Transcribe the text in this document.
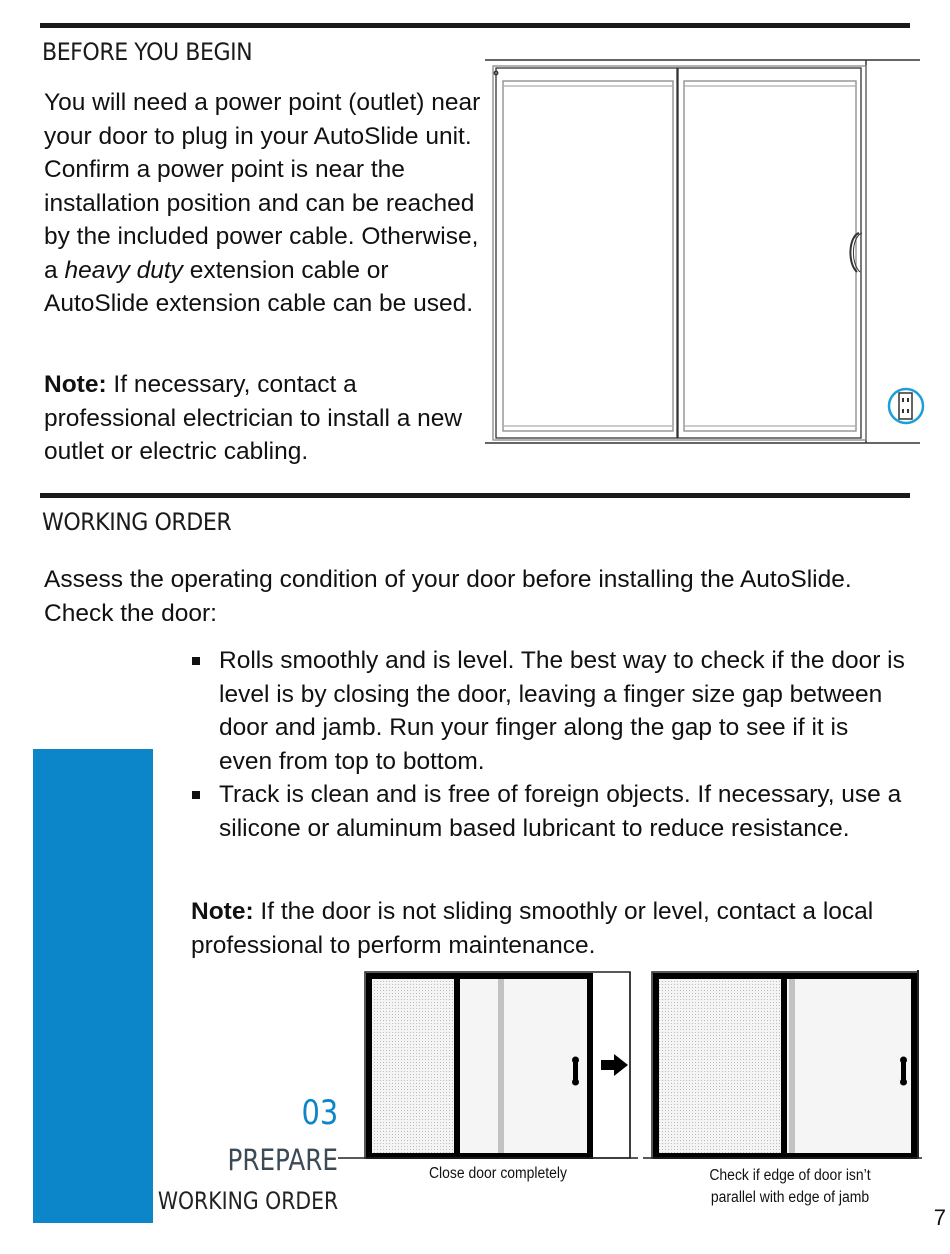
BEFORE YOU BEGIN

You will need a power point (outlet) near your door to plug in your AutoSlide unit. Confirm a power point is near the installation position and can be reached by the included power cable. Otherwise, a heavy duty extension cable or AutoSlide extension cable can be used.

Note: If necessary, contact a professional electrician to install a new outlet or electric cabling.

WORKING ORDER

Assess the operating condition of your door before installing the AutoSlide. Check the door:

Rolls smoothly and is level. The best way to check if the door is level is by closing the door, leaving a finger size gap between door and jamb. Run your finger along the gap to see if it is even from top to bottom.
Track is clean and is free of foreign objects. If necessary, use a silicone or aluminum based lubricant to reduce resistance.

Note: If the door is not sliding smoothly or level, contact a local professional to perform maintenance.

Close door completely	Check if edge of door isn’t parallel with edge of jamb
03
PREPARE
WORKING ORDER
7
